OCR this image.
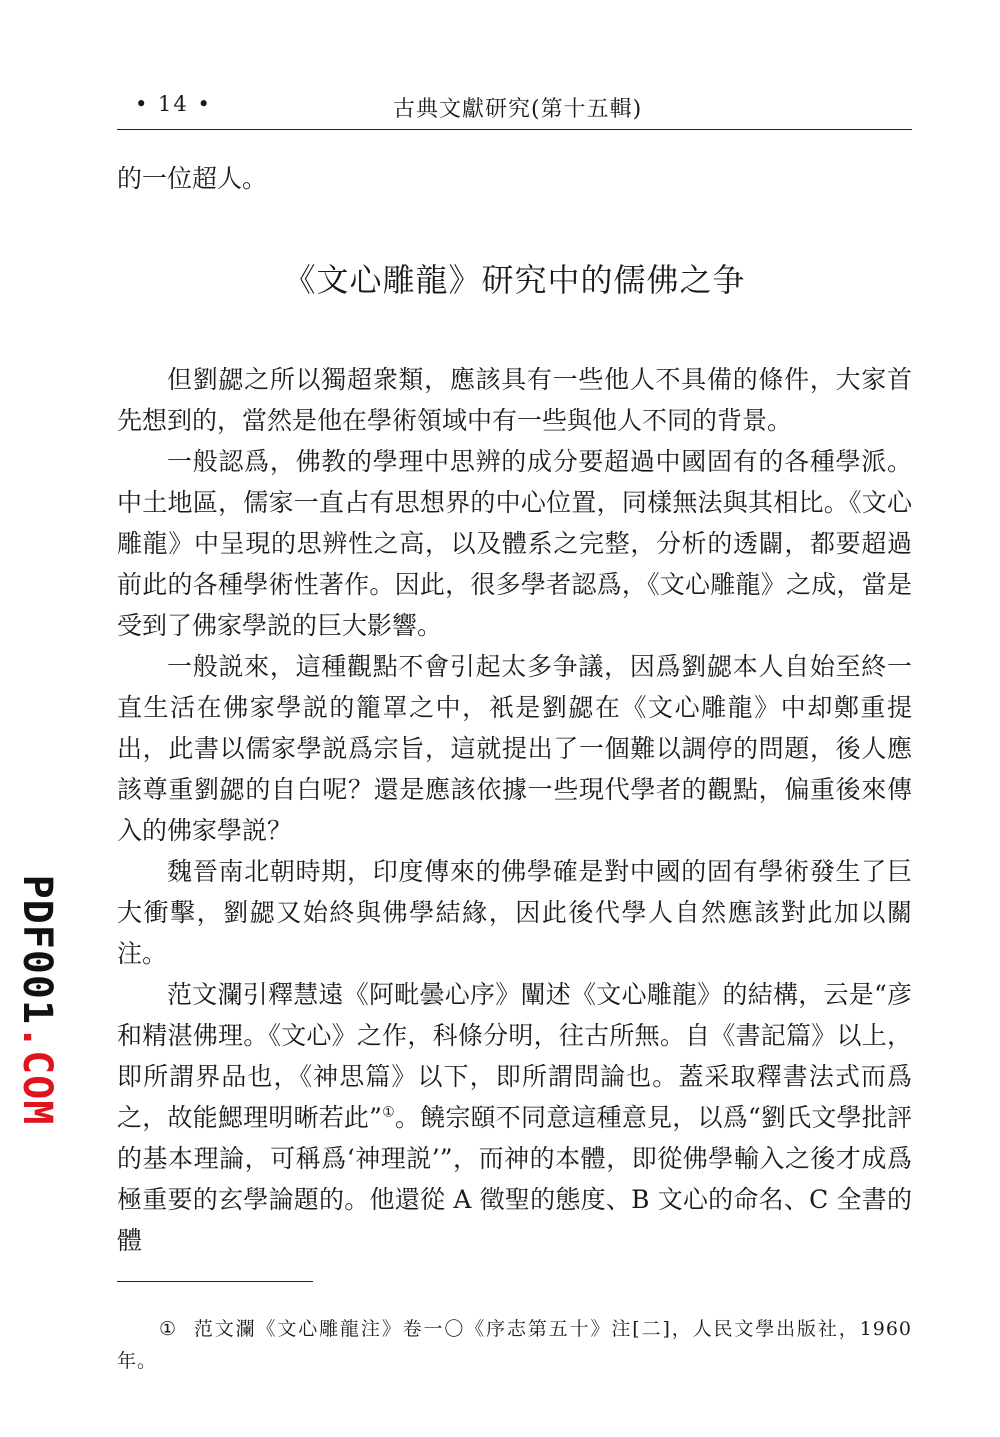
• 14 •	古典文獻研究(第十五輯)

的一位超人。

《文心雕龍》研究中的儒佛之争

但劉勰之所以獨超衆類，應該具有一些他人不具備的條件，大家首先想到的，當然是他在學術領域中有一些與他人不同的背景。

一般認爲，佛教的學理中思辨的成分要超過中國固有的各種學派。中土地區，儒家一直占有思想界的中心位置，同樣無法與其相比。《文心雕龍》中呈現的思辨性之高，以及體系之完整，分析的透闢，都要超過前此的各種學術性著作。因此，很多學者認爲，《文心雕龍》之成，當是受到了佛家學説的巨大影響。

一般説來，這種觀點不會引起太多争議，因爲劉勰本人自始至終一直生活在佛家學説的籠罩之中，衹是劉勰在《文心雕龍》中却鄭重提出，此書以儒家學説爲宗旨，這就提出了一個難以調停的問題，後人應該尊重劉勰的自白呢？還是應該依據一些現代學者的觀點，偏重後來傳入的佛家學説？

魏晉南北朝時期，印度傳來的佛學確是對中國的固有學術發生了巨大衝擊，劉勰又始終與佛學結緣，因此後代學人自然應該對此加以關注。

范文瀾引釋慧遠《阿毗曇心序》闡述《文心雕龍》的結構，云是“彦和精湛佛理。《文心》之作，科條分明，往古所無。自《書記篇》以上，即所謂界品也，《神思篇》以下，即所謂問論也。蓋采取釋書法式而爲之，故能鰓理明晰若此”①。饒宗頤不同意這種意見，以爲“劉氏文學批評的基本理論，可稱爲‘神理説’”，而神的本體，即從佛學輸入之後才成爲極重要的玄學論題的。他還從 A 徵聖的態度、B 文心的命名、C 全書的體

① 范文瀾《文心雕龍注》卷一〇《序志第五十》注[二]，人民文學出版社，1960年。

PDF001.COM
